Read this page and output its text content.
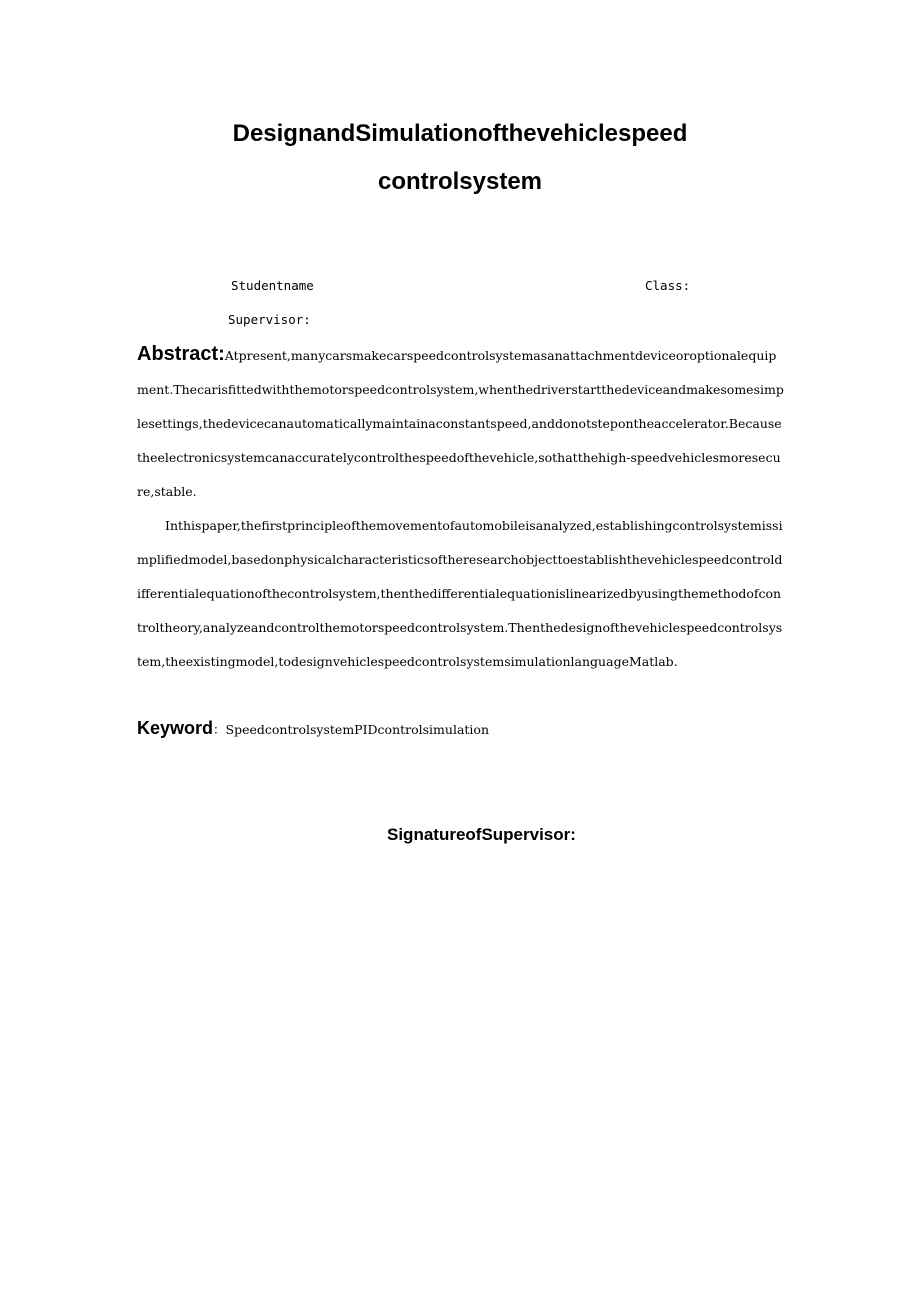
DesignandSimulationofthevehiclespeed
controlsystem
Studentname	Class:
Supervisor:

Abstract:Atpresent,manycarsmakecarspeedcontrolsystemasanattachmentdeviceoroptionalequipment.Thecarisfittedwiththemotorspeedcontrolsystem,whenthedriverstartthedeviceandmakesomesimplesettings,thedevicecanautomaticallymaintainaconstantspeed,anddonotstepontheaccelerator.Becausetheelectronicsystemcanaccuratelycontrolthespeedofthevehicle,sothatthehigh-speedvehiclesmoresecure,stable.

Inthispaper,thefirstprincipleofthemovementofautomobileisanalyzed,establishingcontrolsystemissimplifiedmodel,basedonphysicalcharacteristicsoftheresearchobjecttoestablishthevehiclespeedcontroldifferentialequationofthecontrolsystem,thenthedifferentialequationislinearizedbyusingthemethodofcontroltheory,analyzeandcontrolthemotorspeedcontrolsystem.Thenthedesignofthevehiclespeedcontrolsystem,theexistingmodel,todesignvehiclespeedcontrolsystemsimulationlanguageMatlab.

Keyword：SpeedcontrolsystemPIDcontrolsimulation
SignatureofSupervisor:
